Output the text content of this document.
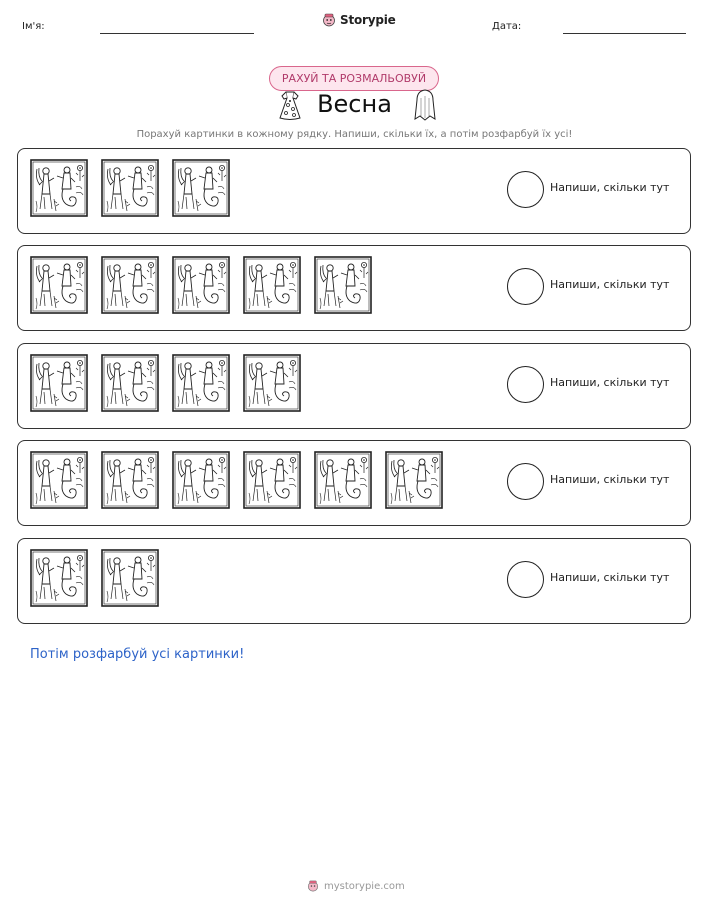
Ім'я:	Storypie	Дата:
РАХУЙ ТА РОЗМАЛЬОВУЙ
Весна
Порахуй картинки в кожному рядку. Напиши, скільки їх, а потім розфарбуй їх усі!
Напиши, скільки тут
Напиши, скільки тут
Напиши, скільки тут
Напиши, скільки тут
Напиши, скільки тут
Потім розфарбуй усі картинки!
mystorypie.com
